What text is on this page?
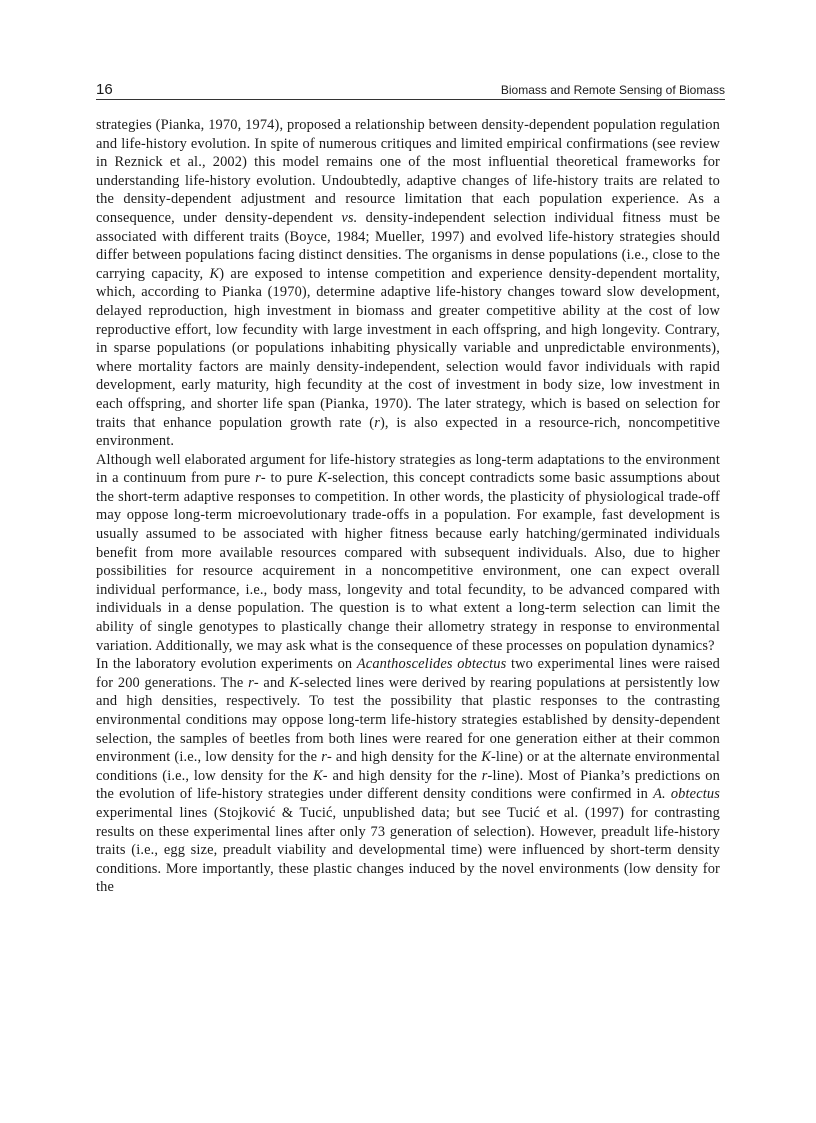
16	Biomass and Remote Sensing of Biomass

strategies (Pianka, 1970, 1974), proposed a relationship between density-dependent population regulation and life-history evolution. In spite of numerous critiques and limited empirical confirmations (see review in Reznick et al., 2002) this model remains one of the most influential theoretical frameworks for understanding life-history evolution. Undoubtedly, adaptive changes of life-history traits are related to the density-dependent adjustment and resource limitation that each population experience. As a consequence, under density-dependent vs. density-independent selection individual fitness must be associated with different traits (Boyce, 1984; Mueller, 1997) and evolved life-history strategies should differ between populations facing distinct densities. The organisms in dense populations (i.e., close to the carrying capacity, K) are exposed to intense competition and experience density-dependent mortality, which, according to Pianka (1970), determine adaptive life-history changes toward slow development, delayed reproduction, high investment in biomass and greater competitive ability at the cost of low reproductive effort, low fecundity with large investment in each offspring, and high longevity. Contrary, in sparse populations (or populations inhabiting physically variable and unpredictable environments), where mortality factors are mainly density-independent, selection would favor individuals with rapid development, early maturity, high fecundity at the cost of investment in body size, low investment in each offspring, and shorter life span (Pianka, 1970). The later strategy, which is based on selection for traits that enhance population growth rate (r), is also expected in a resource-rich, noncompetitive environment.

Although well elaborated argument for life-history strategies as long-term adaptations to the environment in a continuum from pure r- to pure K-selection, this concept contradicts some basic assumptions about the short-term adaptive responses to competition. In other words, the plasticity of physiological trade-off may oppose long-term microevolutionary trade-offs in a population. For example, fast development is usually assumed to be associated with higher fitness because early hatching/germinated individuals benefit from more available resources compared with subsequent individuals. Also, due to higher possibilities for resource acquirement in a noncompetitive environment, one can expect overall individual performance, i.e., body mass, longevity and total fecundity, to be advanced compared with individuals in a dense population. The question is to what extent a long-term selection can limit the ability of single genotypes to plastically change their allometry strategy in response to environmental variation. Additionally, we may ask what is the consequence of these processes on population dynamics?

In the laboratory evolution experiments on Acanthoscelides obtectus two experimental lines were raised for 200 generations. The r- and K-selected lines were derived by rearing populations at persistently low and high densities, respectively. To test the possibility that plastic responses to the contrasting environmental conditions may oppose long-term life-history strategies established by density-dependent selection, the samples of beetles from both lines were reared for one generation either at their common environment (i.e., low density for the r- and high density for the K-line) or at the alternate environmental conditions (i.e., low density for the K- and high density for the r-line). Most of Pianka’s predictions on the evolution of life-history strategies under different density conditions were confirmed in A. obtectus experimental lines (Stojković & Tucić, unpublished data; but see Tucić et al. (1997) for contrasting results on these experimental lines after only 73 generation of selection). However, preadult life-history traits (i.e., egg size, preadult viability and developmental time) were influenced by short-term density conditions. More importantly, these plastic changes induced by the novel environments (low density for the
